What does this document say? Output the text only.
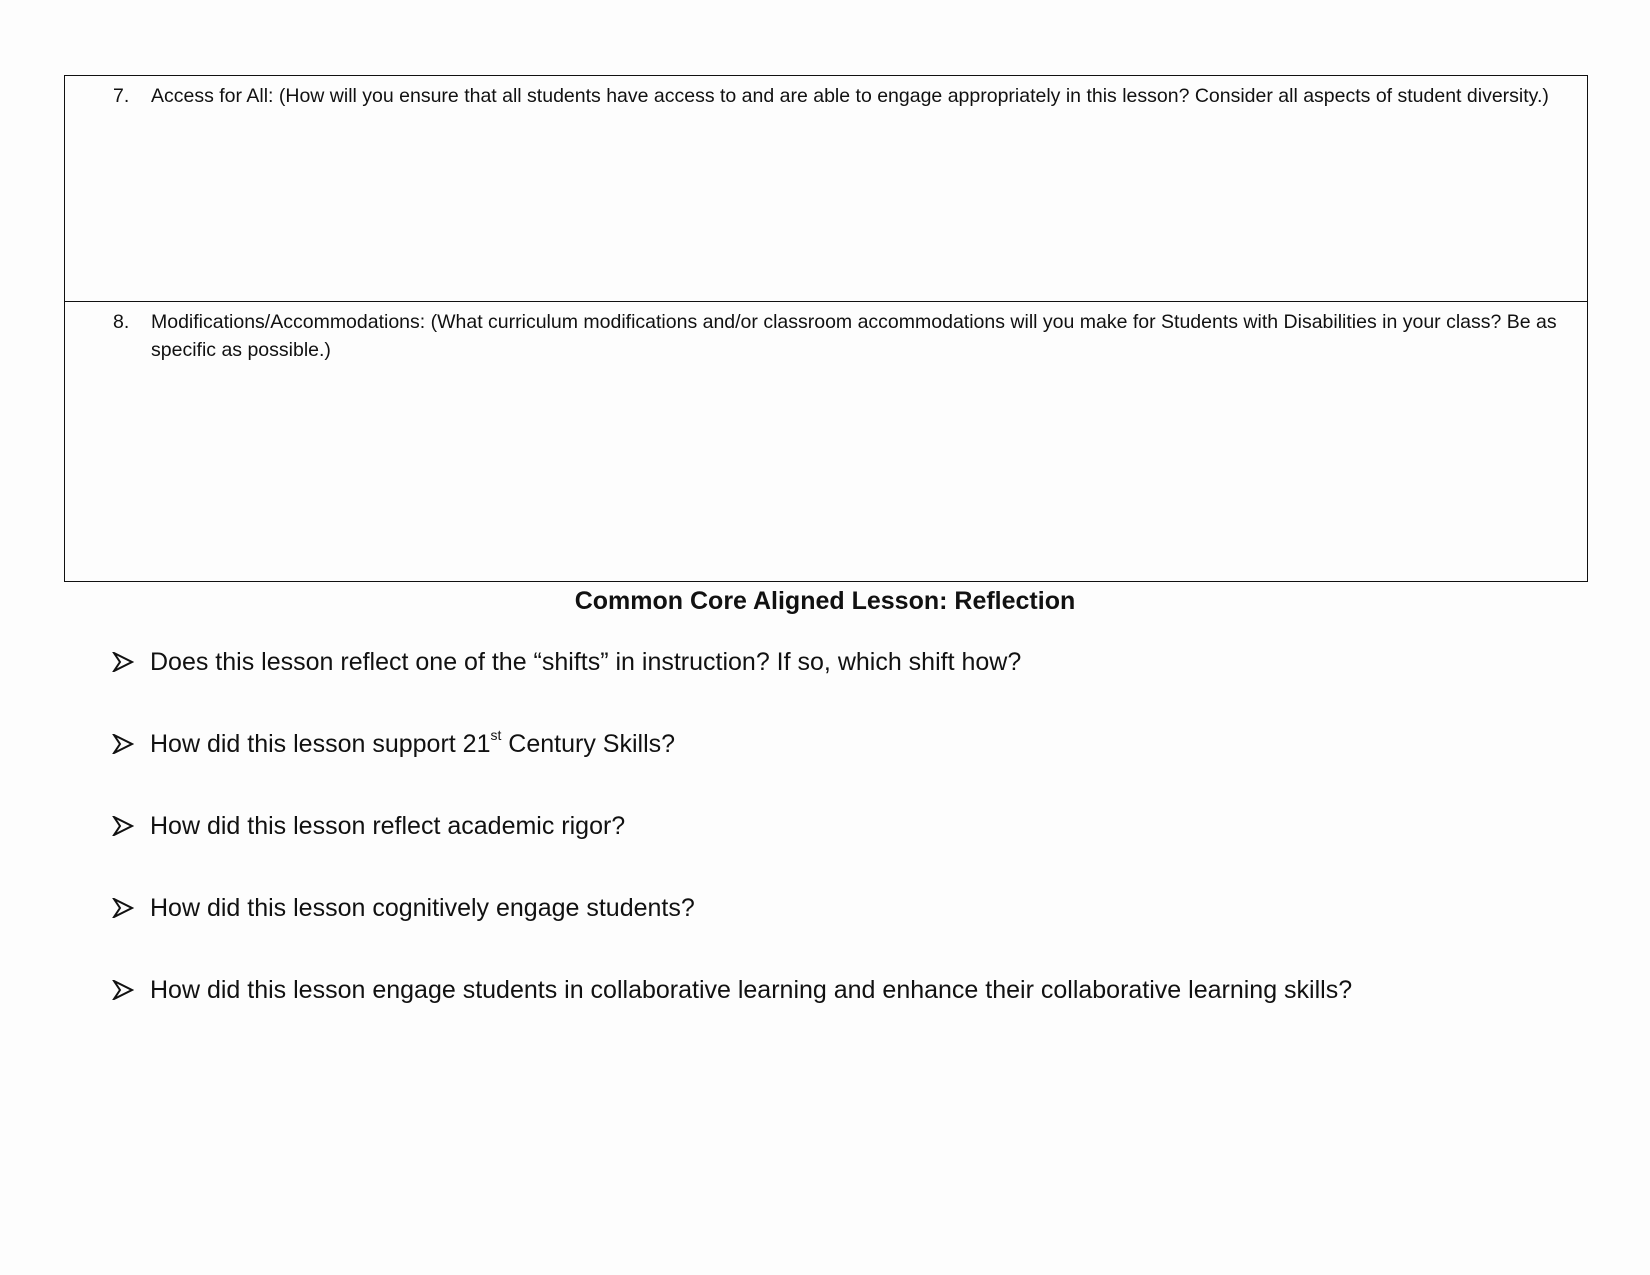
7.	Access for All: (How will you ensure that all students have access to and are able to engage appropriately in this lesson? Consider all aspects of student diversity.)
8.	Modifications/Accommodations: (What curriculum modifications and/or classroom accommodations will you make for Students with Disabilities in your class? Be as specific as possible.)
Common Core Aligned Lesson: Reflection
Does this lesson reflect one of the “shifts” in instruction? If so, which shift how?
How did this lesson support 21st Century Skills?
How did this lesson reflect academic rigor?
How did this lesson cognitively engage students?
How did this lesson engage students in collaborative learning and enhance their collaborative learning skills?
